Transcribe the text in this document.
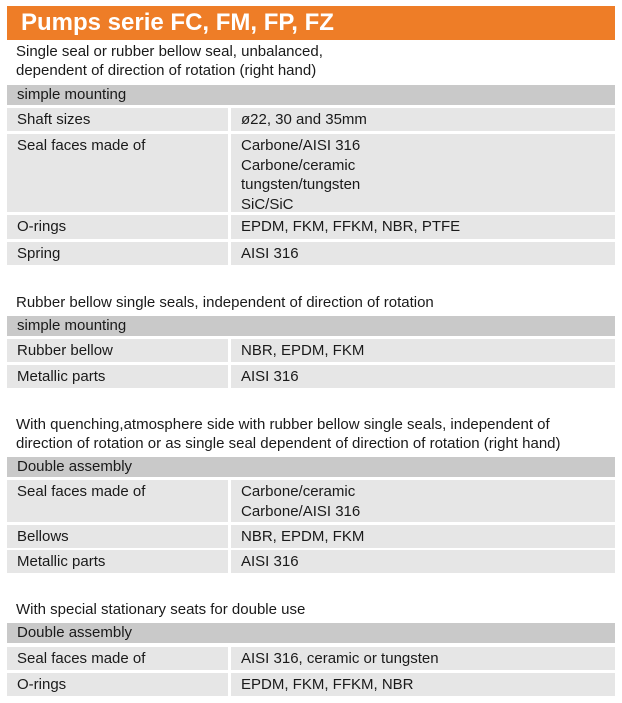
Pumps serie FC, FM, FP, FZ
Single seal or rubber bellow seal, unbalanced,
dependent of direction of rotation (right hand)
simple mounting
Shaft sizes	ø22, 30 and 35mm
Seal faces made of	Carbone/AISI 316
Carbone/ceramic
tungsten/tungsten
SiC/SiC
O-rings	EPDM, FKM, FFKM, NBR, PTFE
Spring	AISI 316
Rubber bellow single seals, independent of direction of rotation
simple mounting
Rubber bellow	NBR, EPDM, FKM
Metallic parts	AISI 316
With quenching,atmosphere side with rubber bellow single seals, independent of
direction of rotation or as single seal dependent of direction of rotation (right hand)
Double assembly
Seal faces made of	Carbone/ceramic
Carbone/AISI 316
Bellows	NBR, EPDM, FKM
Metallic parts	AISI 316
With special stationary seats for double use
Double assembly
Seal faces made of	AISI 316, ceramic or tungsten
O-rings	EPDM, FKM, FFKM, NBR
